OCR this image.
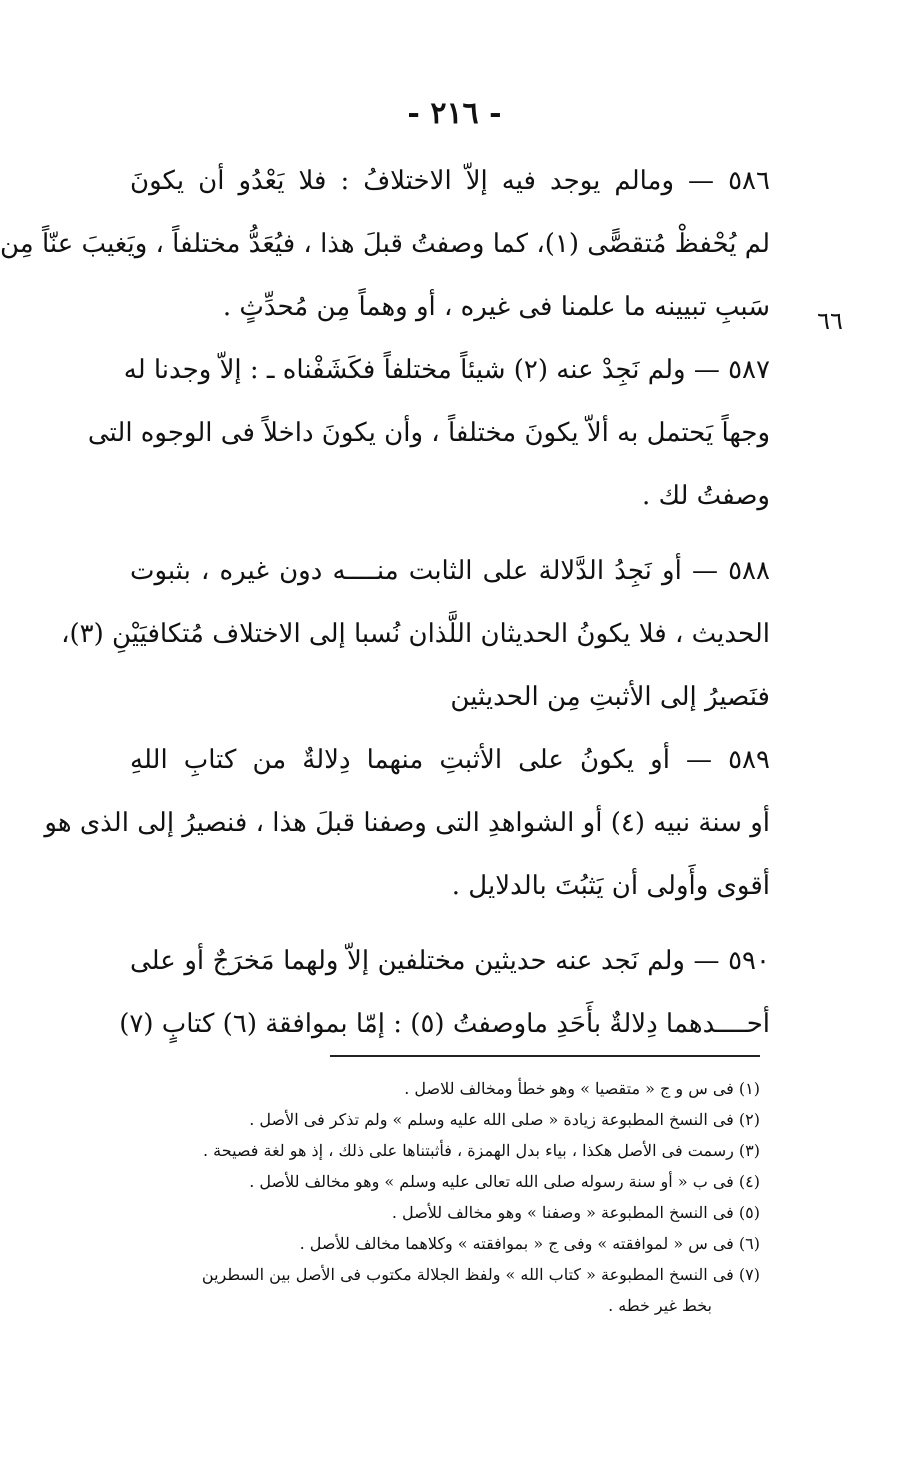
- ٢١٦ -
٦٦
٥٨٦ — ومالم يوجد فيه إلاّ الاختلافُ : فلا يَعْدُو أن يكونَ
لم يُحْفظْ مُتقصًّى (١)، كما وصفتُ قبلَ هذا ، فيُعَدُّ مختلفاً ، ويَغيبَ عنّاً مِن
سَببِ تبيينه ما علمنا فى غيره ، أو وهماً مِن مُحدِّثٍ .
٥٨٧ — ولم نَجِدْ عنه (٢) شيئاً مختلفاً فكَشَفْناه ـ : إلاّ وجدنا له
وجهاً يَحتمل به ألاّ يكونَ مختلفاً ، وأن يكونَ داخلاً فى الوجوه التى
وصفتُ لك .
٥٨٨ — أو نَجِدُ الدَّلالة على الثابت منــــه دون غيره ، بثبوت
الحديث ، فلا يكونُ الحديثان اللَّذان نُسبا إلى الاختلاف مُتكافيَيْنِ (٣)،
فنَصيرُ إلى الأثبتِ مِن الحديثين
٥٨٩ — أو يكونُ على الأثبتِ منهما دِلالةٌ من كتابِ اللهِ
أو سنة نبيه (٤) أو الشواهدِ التى وصفنا قبلَ هذا ، فنصيرُ إلى الذى هو
أقوى وأَولى أن يَثبُتَ بالدلايل .
٥٩٠ — ولم نَجد عنه حديثين مختلفين إلاّ ولهما مَخرَجٌ أو على
أحــــدهما دِلالةٌ بأَحَدِ ماوصفتُ (٥) : إمّا بموافقة (٦) كتابٍ (٧)
(١) فى س و ج « متقصيا » وهو خطأ ومخالف للاصل .
(٢) فى النسخ المطبوعة زيادة « صلى الله عليه وسلم » ولم تذكر فى الأصل .
(٣) رسمت فى الأصل هكذا ، بياء بدل الهمزة ، فأثبتناها على ذلك ، إذ هو لغة فصيحة .
(٤) فى ب « أو سنة رسوله صلى الله تعالى عليه وسلم » وهو مخالف للأصل .
(٥) فى النسخ المطبوعة « وصفنا » وهو مخالف للأصل .
(٦) فى س « لموافقته » وفى ج « بموافقته » وكلاهما مخالف للأصل .
(٧) فى النسخ المطبوعة « كتاب الله » ولفظ الجلالة مكتوب فى الأصل بين السطرين
بخط غير خطه .
